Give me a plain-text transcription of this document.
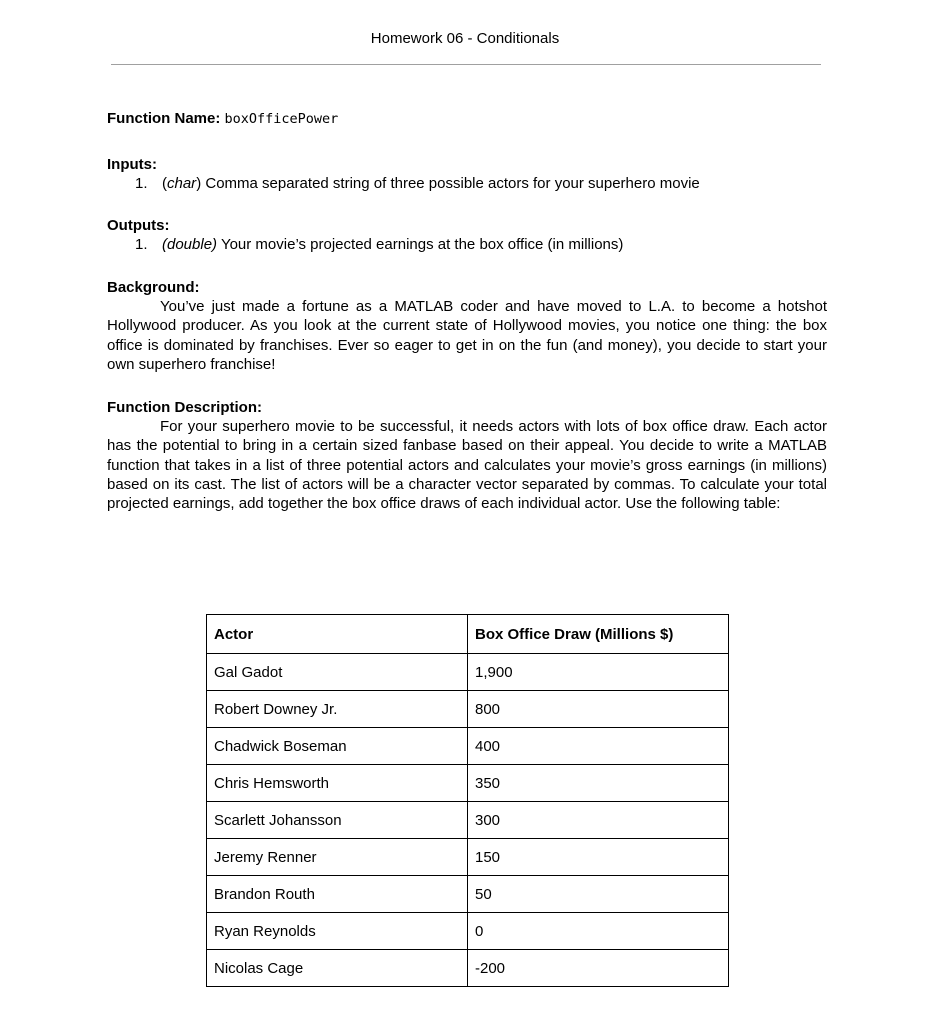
Homework 06 - Conditionals

Function Name: boxOfficePower

Inputs:

1. (char) Comma separated string of three possible actors for your superhero movie

Outputs:

1. (double) Your movie’s projected earnings at the box office (in millions)

Background:

You’ve just made a fortune as a MATLAB coder and have moved to L.A. to become a hotshot Hollywood producer. As you look at the current state of Hollywood movies, you notice one thing: the box office is dominated by franchises. Ever so eager to get in on the fun (and money), you decide to start your own superhero franchise!

Function Description:

For your superhero movie to be successful, it needs actors with lots of box office draw. Each actor has the potential to bring in a certain sized fanbase based on their appeal. You decide to write a MATLAB function that takes in a list of three potential actors and calculates your movie’s gross earnings (in millions) based on its cast. The list of actors will be a character vector separated by commas. To calculate your total projected earnings, add together the box office draws of each individual actor. Use the following table:

Actor	Box Office Draw (Millions $)
Gal Gadot	1,900
Robert Downey Jr.	800
Chadwick Boseman	400
Chris Hemsworth	350
Scarlett Johansson	300
Jeremy Renner	150
Brandon Routh	50
Ryan Reynolds	0
Nicolas Cage	-200
